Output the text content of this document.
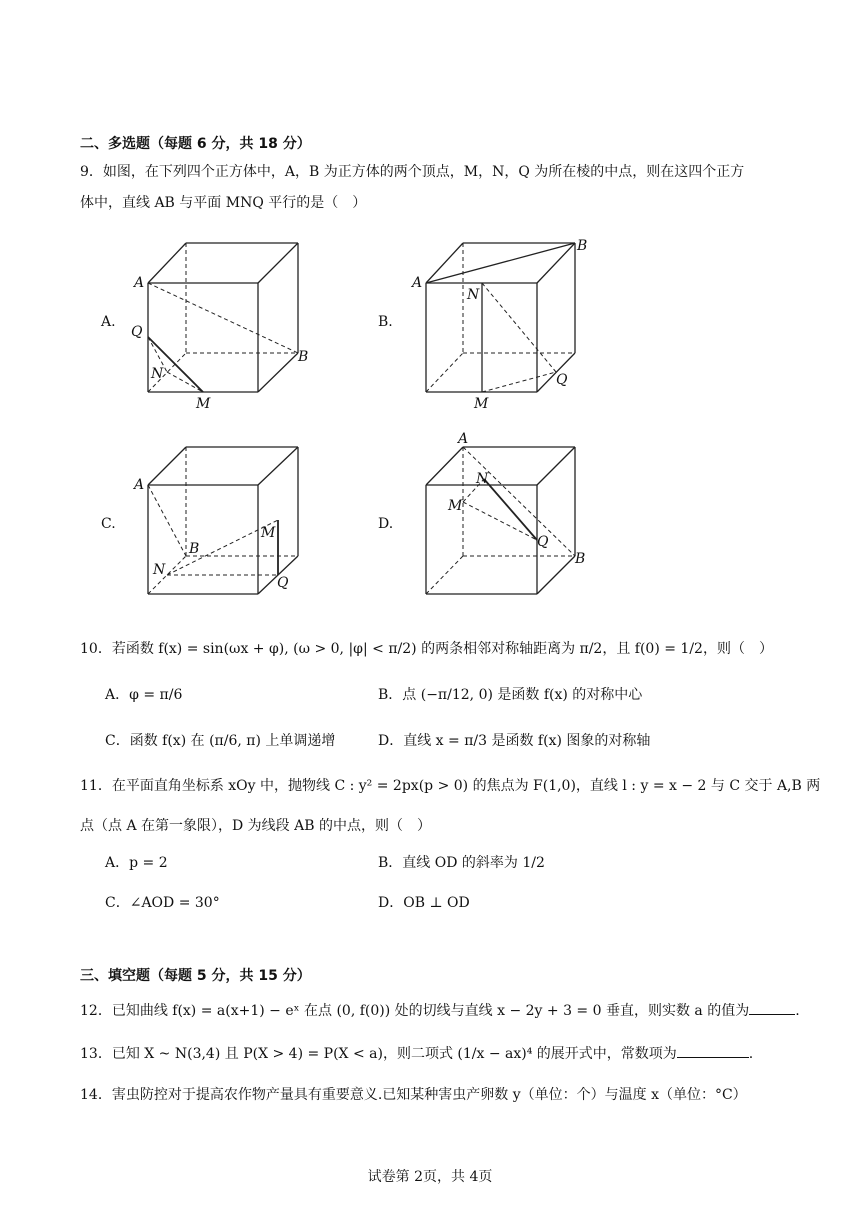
二、多选题（每题 6 分，共 18 分）
9．如图，在下列四个正方体中，A，B 为正方体的两个顶点，M，N，Q 为所在棱的中点，则在这四个正方
体中，直线 AB 与平面 MNQ 平行的是（　）
A.	B.
C.	D.
A
B
Q
N
M
A
B
N
Q
M
A
B
M
N
Q
A
B
N
M
Q
10．若函数 f(x) = sin(ωx + φ), (ω > 0, |φ| < π/2) 的两条相邻对称轴距离为 π/2，且 f(0) = 1/2，则（　）
A．φ = π/6	B．点 (−π/12, 0) 是函数 f(x) 的对称中心
C．函数 f(x) 在 (π/6, π) 上单调递增	D．直线 x = π/3 是函数 f(x) 图象的对称轴
11．在平面直角坐标系 xOy 中，抛物线 C : y² = 2px(p > 0) 的焦点为 F(1,0)，直线 l : y = x − 2 与 C 交于 A,B 两
点（点 A 在第一象限），D 为线段 AB 的中点，则（　）
A．p = 2	B．直线 OD 的斜率为 1/2
C．∠AOD = 30°	D．OB ⊥ OD
三、填空题（每题 5 分，共 15 分）
12．已知曲线 f(x) = a(x+1) − eˣ 在点 (0, f(0)) 处的切线与直线 x − 2y + 3 = 0 垂直，则实数 a 的值为	.
13．已知 X ~ N(3,4) 且 P(X > 4) = P(X < a)，则二项式 (1/x − ax)⁴ 的展开式中，常数项为	.
14．害虫防控对于提高农作物产量具有重要意义.已知某种害虫产卵数 y（单位：个）与温度 x（单位：°C）
试卷第 2页，共 4页
